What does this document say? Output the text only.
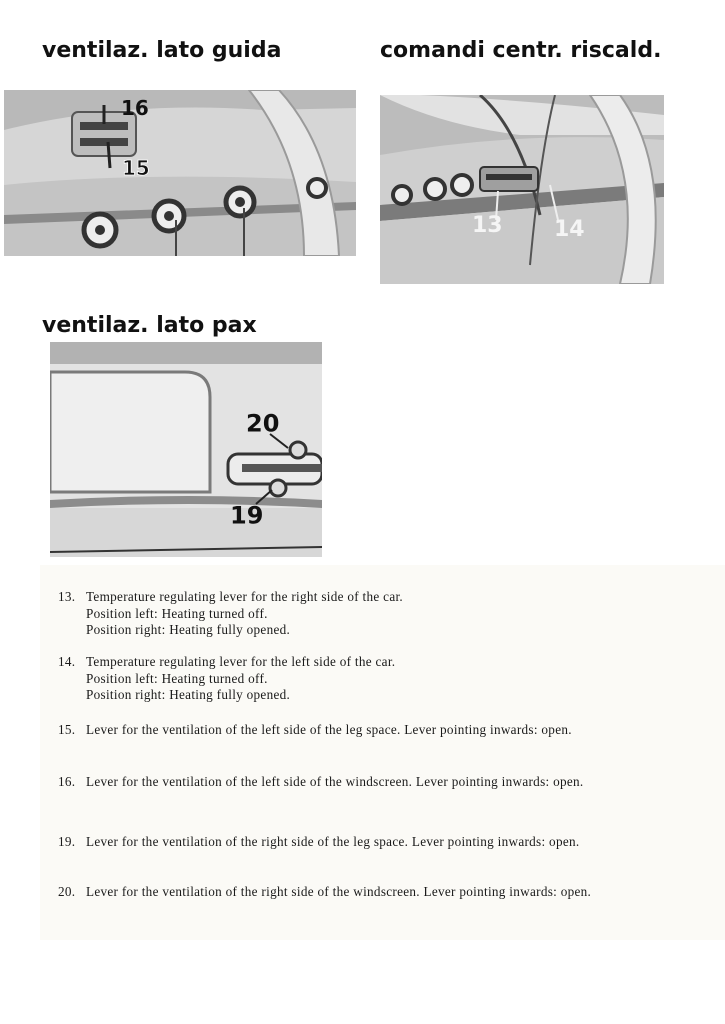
ventilaz. lato guida	comandi centr. riscald.
ventilaz. lato pax
16
15
13 14
20
19
13. Temperature regulating lever for the right side of the car.
Position left: Heating turned off.
Position right: Heating fully opened.
14. Temperature regulating lever for the left side of the car.
Position left: Heating turned off.
Position right: Heating fully opened.
15. Lever for the ventilation of the left side of the leg space. Lever pointing inwards: open.
16. Lever for the ventilation of the left side of the windscreen. Lever pointing inwards: open.
19. Lever for the ventilation of the right side of the leg space. Lever pointing inwards: open.
20. Lever for the ventilation of the right side of the windscreen. Lever pointing inwards: open.
